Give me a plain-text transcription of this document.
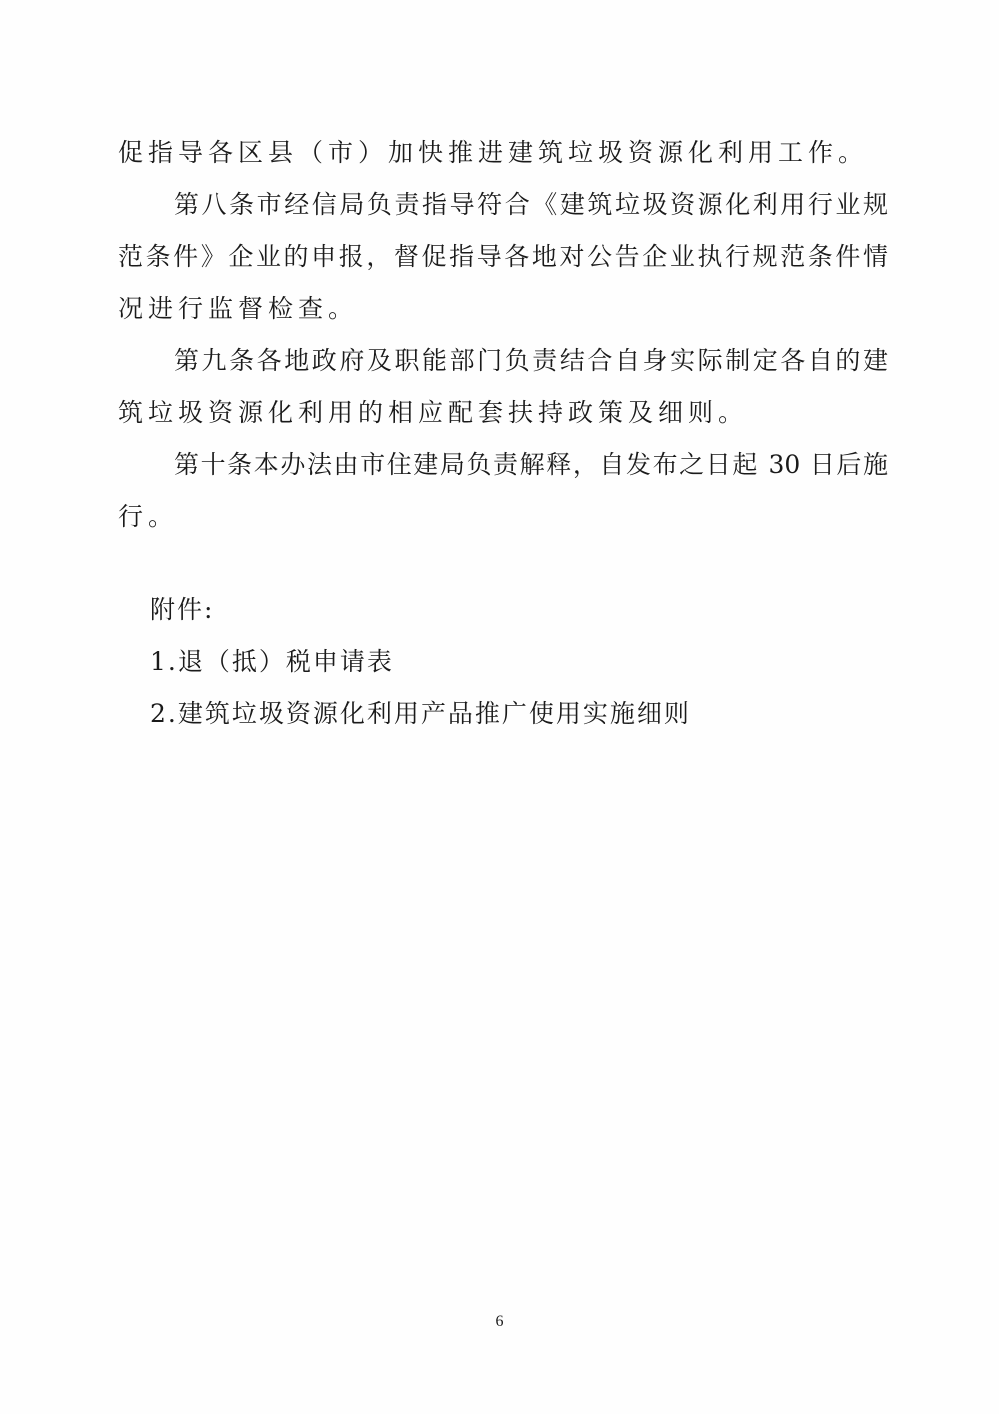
促指导各区县（市）加快推进建筑垃圾资源化利用工作。
第八条市经信局负责指导符合《建筑垃圾资源化利用行业规
范条件》企业的申报，督促指导各地对公告企业执行规范条件情
况进行监督检查。
第九条各地政府及职能部门负责结合自身实际制定各自的建
筑垃圾资源化利用的相应配套扶持政策及细则。
第十条本办法由市住建局负责解释，自发布之日起 30 日后施
行。
附件:
1.退（抵）税申请表
2.建筑垃圾资源化利用产品推广使用实施细则
6
